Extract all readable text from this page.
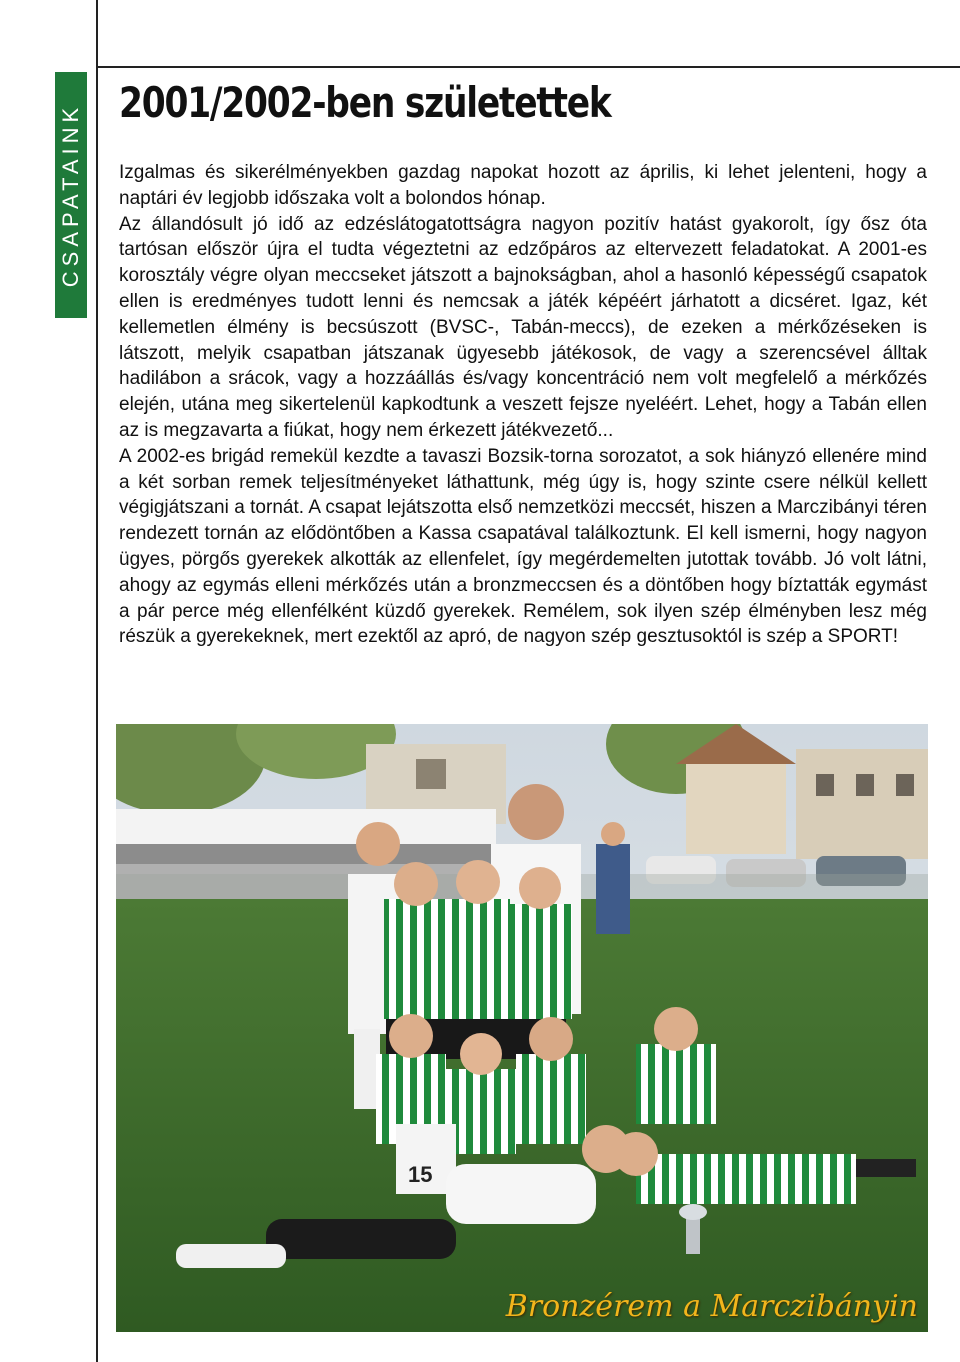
CSAPATAINK
2001/2002-ben születettek

Izgalmas és sikerélményekben gazdag napokat hozott az április, ki lehet jelenteni, hogy a naptári év legjobb időszaka volt a bolondos hónap.

Az állandósult jó idő az edzéslátogatottságra nagyon pozitív hatást gyakorolt, így ősz óta tartósan először újra el tudta végeztetni az edzőpáros az eltervezett feladatokat. A 2001-es korosztály végre olyan meccseket játszott a bajnokságban, ahol a hasonló képességű csapatok ellen is eredményes tudott lenni és nemcsak a játék képéért járhatott a dicséret. Igaz, két kellemetlen élmény is becsúszott (BVSC-, Tabán-meccs), de ezeken a mérkőzéseken is látszott, melyik csapatban játszanak ügyesebb játékosok, de vagy a szerencsével álltak hadilábon a srácok, vagy a hozzáállás és/vagy koncentráció nem volt megfelelő a mérkőzés elején, utána meg sikertelenül kapkodtunk a veszett fejsze nyeléért. Lehet, hogy a Tabán ellen az is megzavarta a fiúkat, hogy nem érkezett játékvezető...

A 2002-es brigád remekül kezdte a tavaszi Bozsik-torna sorozatot, a sok hiányzó ellenére mind a két sorban remek teljesítményeket láthattunk, még úgy is, hogy szinte csere nélkül kellett végigjátszani a tornát. A csapat lejátszotta első nemzetközi meccsét, hiszen a Marczibányi téren rendezett tornán az elődöntőben a Kassa csapatával találkoztunk. El kell ismerni, hogy nagyon ügyes, pörgős gyerekek alkották az ellenfelet, így megérdemelten jutottak tovább. Jó volt látni, ahogy az egymás elleni mérkőzés után a bronzmeccsen és a döntőben hogy bíztatták egymást a pár perce még ellenfélként küzdő gyerekek. Remélem, sok ilyen szép élményben lesz még részük a gyerekeknek, mert ezektől az apró, de nagyon szép gesztusoktól is szép a SPORT!

15
Bronzérem a Marczibányin
